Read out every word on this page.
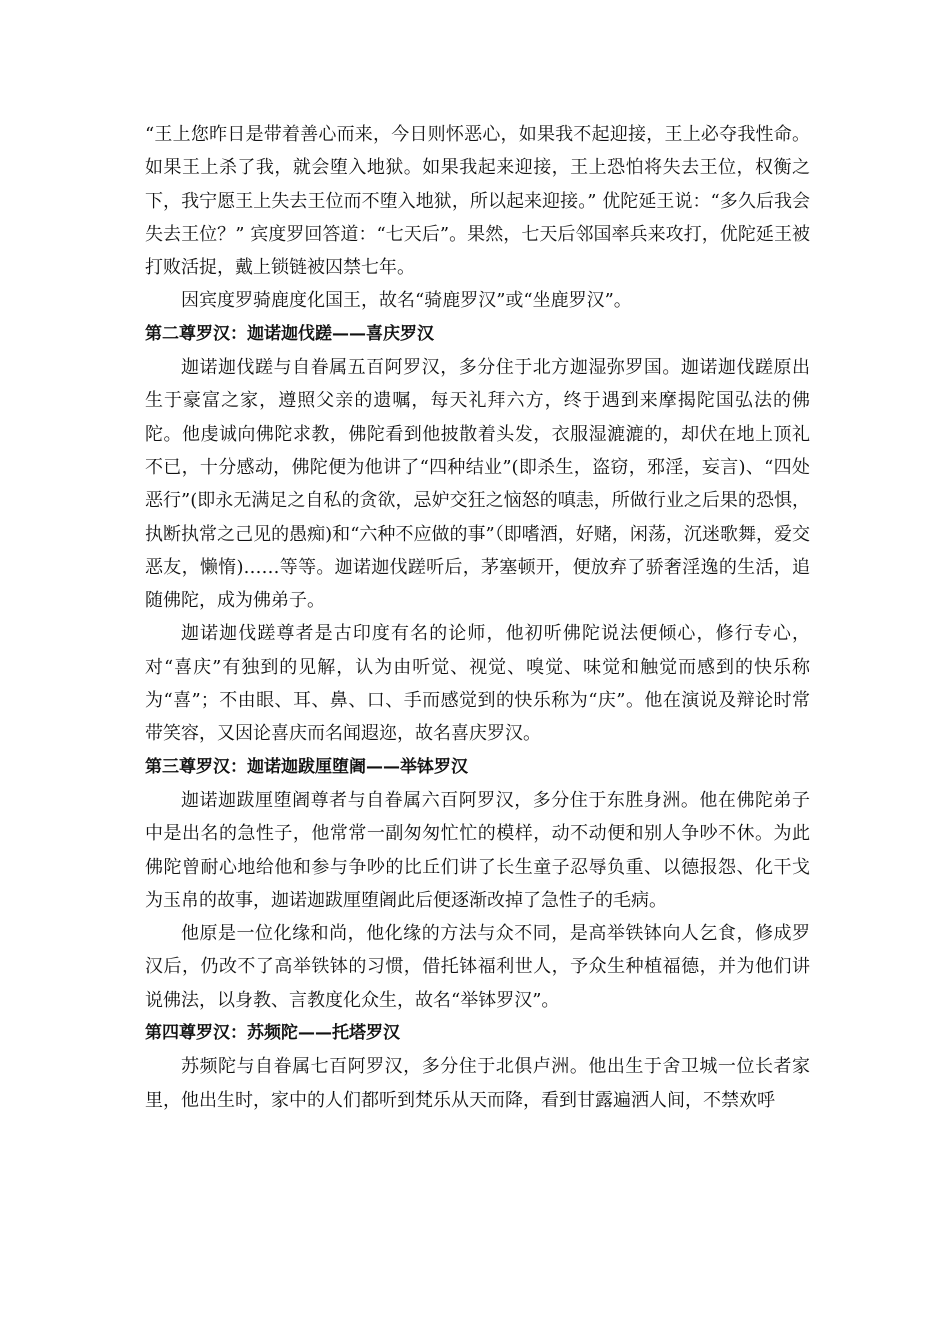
“王上您昨日是带着善心而来，今日则怀恶心，如果我不起迎接，王上必夺我性命。如果王上杀了我，就会堕入地狱。如果我起来迎接，王上恐怕将失去王位，权衡之下，我宁愿王上失去王位而不堕入地狱，所以起来迎接。” 优陀延王说：“多久后我会失去王位？” 宾度罗回答道：“七天后”。果然，七天后邻国率兵来攻打，优陀延王被打败活捉，戴上锁链被囚禁七年。

因宾度罗骑鹿度化国王，故名“骑鹿罗汉”或“坐鹿罗汉”。

第二尊罗汉：迦诺迦伐蹉——喜庆罗汉

迦诺迦伐蹉与自眷属五百阿罗汉，多分住于北方迦湿弥罗国。迦诺迦伐蹉原出生于豪富之家，遵照父亲的遗嘱，每天礼拜六方，终于遇到来摩揭陀国弘法的佛陀。他虔诚向佛陀求教，佛陀看到他披散着头发，衣服湿漉漉的，却伏在地上顶礼不已，十分感动，佛陀便为他讲了“四种结业”(即杀生，盗窃，邪淫，妄言)、“四处恶行”(即永无满足之自私的贪欲，忌妒交狂之恼怒的嗔恚，所做行业之后果的恐惧，执断执常之己见的愚痴)和“六种不应做的事”（即嗜酒，好赌，闲荡，沉迷歌舞，爱交恶友，懒惰)……等等。迦诺迦伐蹉听后，茅塞顿开，便放弃了骄奢淫逸的生活，追随佛陀，成为佛弟子。

迦诺迦伐蹉尊者是古印度有名的论师，他初听佛陀说法便倾心，修行专心，对“喜庆”有独到的见解，认为由听觉、视觉、嗅觉、味觉和触觉而感到的快乐称为“喜”；不由眼、耳、鼻、口、手而感觉到的快乐称为“庆”。他在演说及辩论时常带笑容，又因论喜庆而名闻遐迩，故名喜庆罗汉。

第三尊罗汉：迦诺迦跋厘堕阇——举钵罗汉

迦诺迦跋厘堕阇尊者与自眷属六百阿罗汉，多分住于东胜身洲。他在佛陀弟子中是出名的急性子，他常常一副匆匆忙忙的模样，动不动便和别人争吵不休。为此佛陀曾耐心地给他和参与争吵的比丘们讲了长生童子忍辱负重、以德报怨、化干戈为玉帛的故事，迦诺迦跋厘堕阇此后便逐渐改掉了急性子的毛病。

他原是一位化缘和尚，他化缘的方法与众不同，是高举铁钵向人乞食，修成罗汉后，仍改不了高举铁钵的习惯，借托钵福利世人，予众生种植福德，并为他们讲说佛法，以身教、言教度化众生，故名“举钵罗汉”。

第四尊罗汉：苏频陀——托塔罗汉

苏频陀与自眷属七百阿罗汉，多分住于北俱卢洲。他出生于舍卫城一位长者家里，他出生时，家中的人们都听到梵乐从天而降，看到甘露遍洒人间，不禁欢呼
